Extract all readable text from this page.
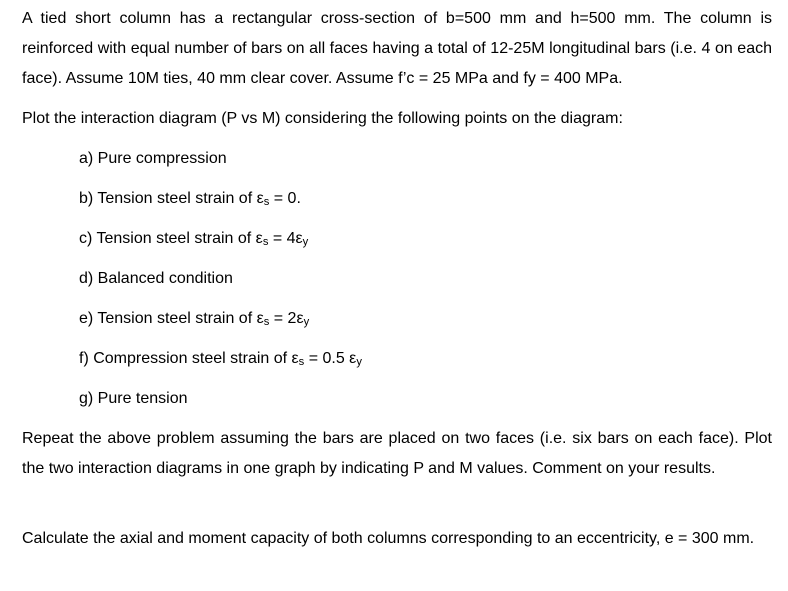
A tied short column has a rectangular cross-section of b=500 mm and h=500 mm. The column is reinforced with equal number of bars on all faces having a total of 12-25M longitudinal bars (i.e. 4 on each face). Assume 10M ties, 40 mm clear cover. Assume f’c = 25 MPa and fy = 400 MPa.
Plot the interaction diagram (P vs M) considering the following points on the diagram:
a) Pure compression
b) Tension steel strain of $\varepsilon_s = 0$.
c) Tension steel strain of $\varepsilon_s = 4\varepsilon_y$
d) Balanced condition
e) Tension steel strain of $\varepsilon_s = 2\varepsilon_y$
f) Compression steel strain of $\varepsilon_s = 0.5$ $\varepsilon_y$
g) Pure tension
Repeat the above problem assuming the bars are placed on two faces (i.e. six bars on each face). Plot the two interaction diagrams in one graph by indicating P and M values. Comment on your results.
Calculate the axial and moment capacity of both columns corresponding to an eccentricity, e = 300 mm.
